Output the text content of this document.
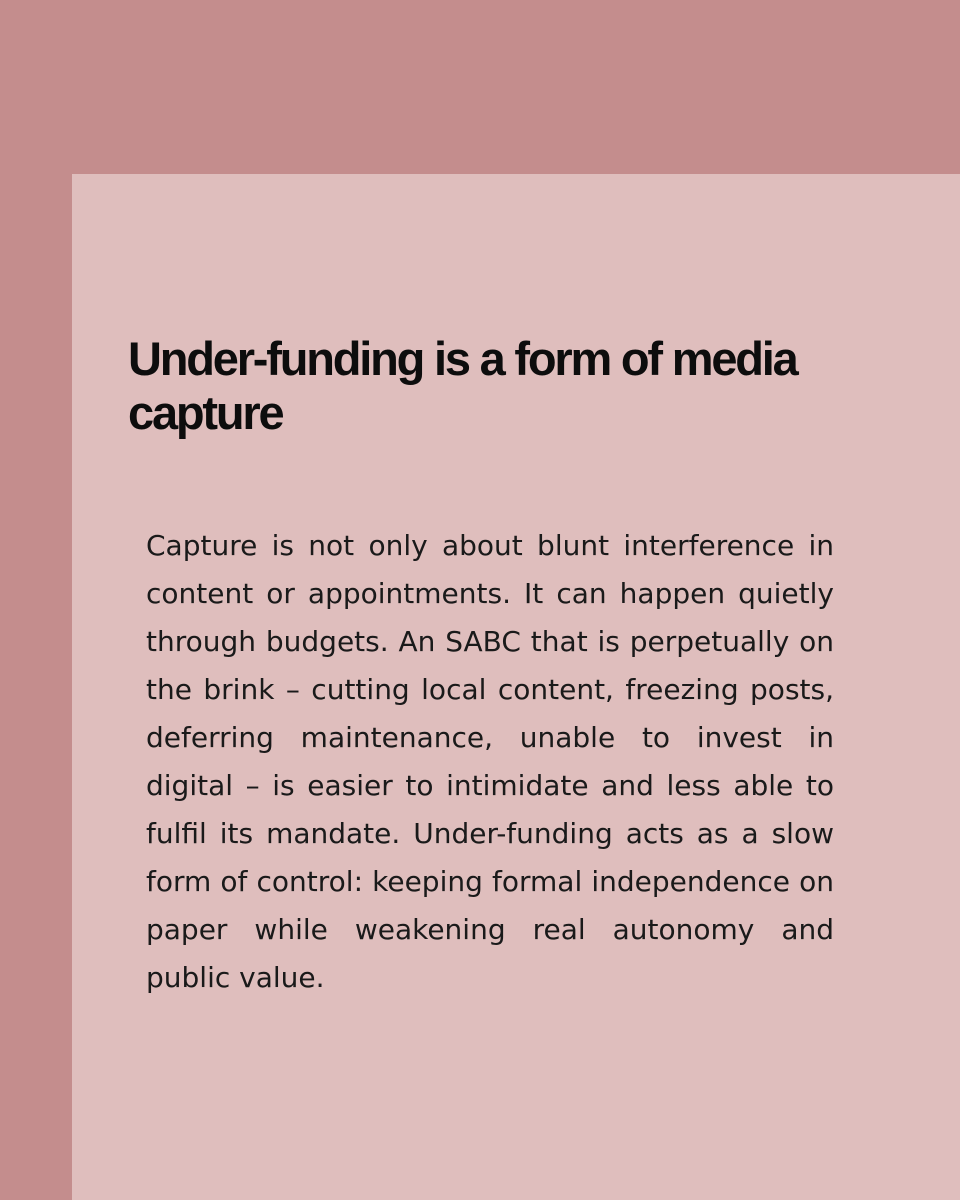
Under-funding is a form of media capture

Capture is not only about blunt interference in content or appointments. It can happen quietly through budgets. An SABC that is perpetually on the brink – cutting local content, freezing posts, deferring maintenance, unable to invest in digital – is easier to intimidate and less able to fulfil its mandate. Under-funding acts as a slow form of control: keeping formal independence on paper while weakening real autonomy and public value.
